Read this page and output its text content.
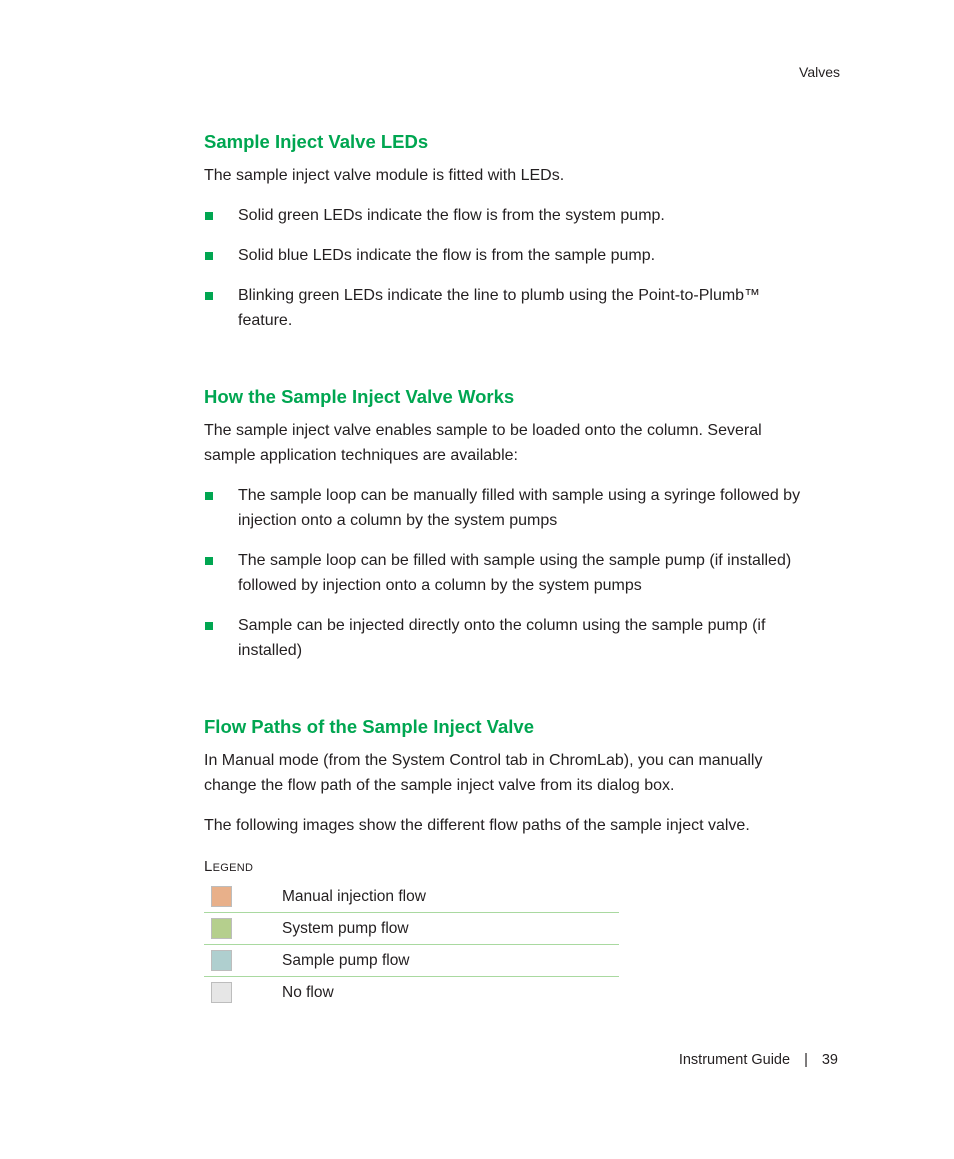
Valves
Sample Inject Valve LEDs

The sample inject valve module is fitted with LEDs.

Solid green LEDs indicate the flow is from the system pump.
Solid blue LEDs indicate the flow is from the sample pump.
Blinking green LEDs indicate the line to plumb using the Point-to-Plumb™ feature.
How the Sample Inject Valve Works

The sample inject valve enables sample to be loaded onto the column. Several sample application techniques are available:

The sample loop can be manually filled with sample using a syringe followed by injection onto a column by the system pumps
The sample loop can be filled with sample using the sample pump (if installed) followed by injection onto a column by the system pumps
Sample can be injected directly onto the column using the sample pump (if installed)
Flow Paths of the Sample Inject Valve

In Manual mode (from the System Control tab in ChromLab), you can manually change the flow path of the sample inject valve from its dialog box.

The following images show the different flow paths of the sample inject valve.

Legend
	Manual injection flow

	System pump flow

	Sample pump flow

	No flow
Instrument Guide | 39
